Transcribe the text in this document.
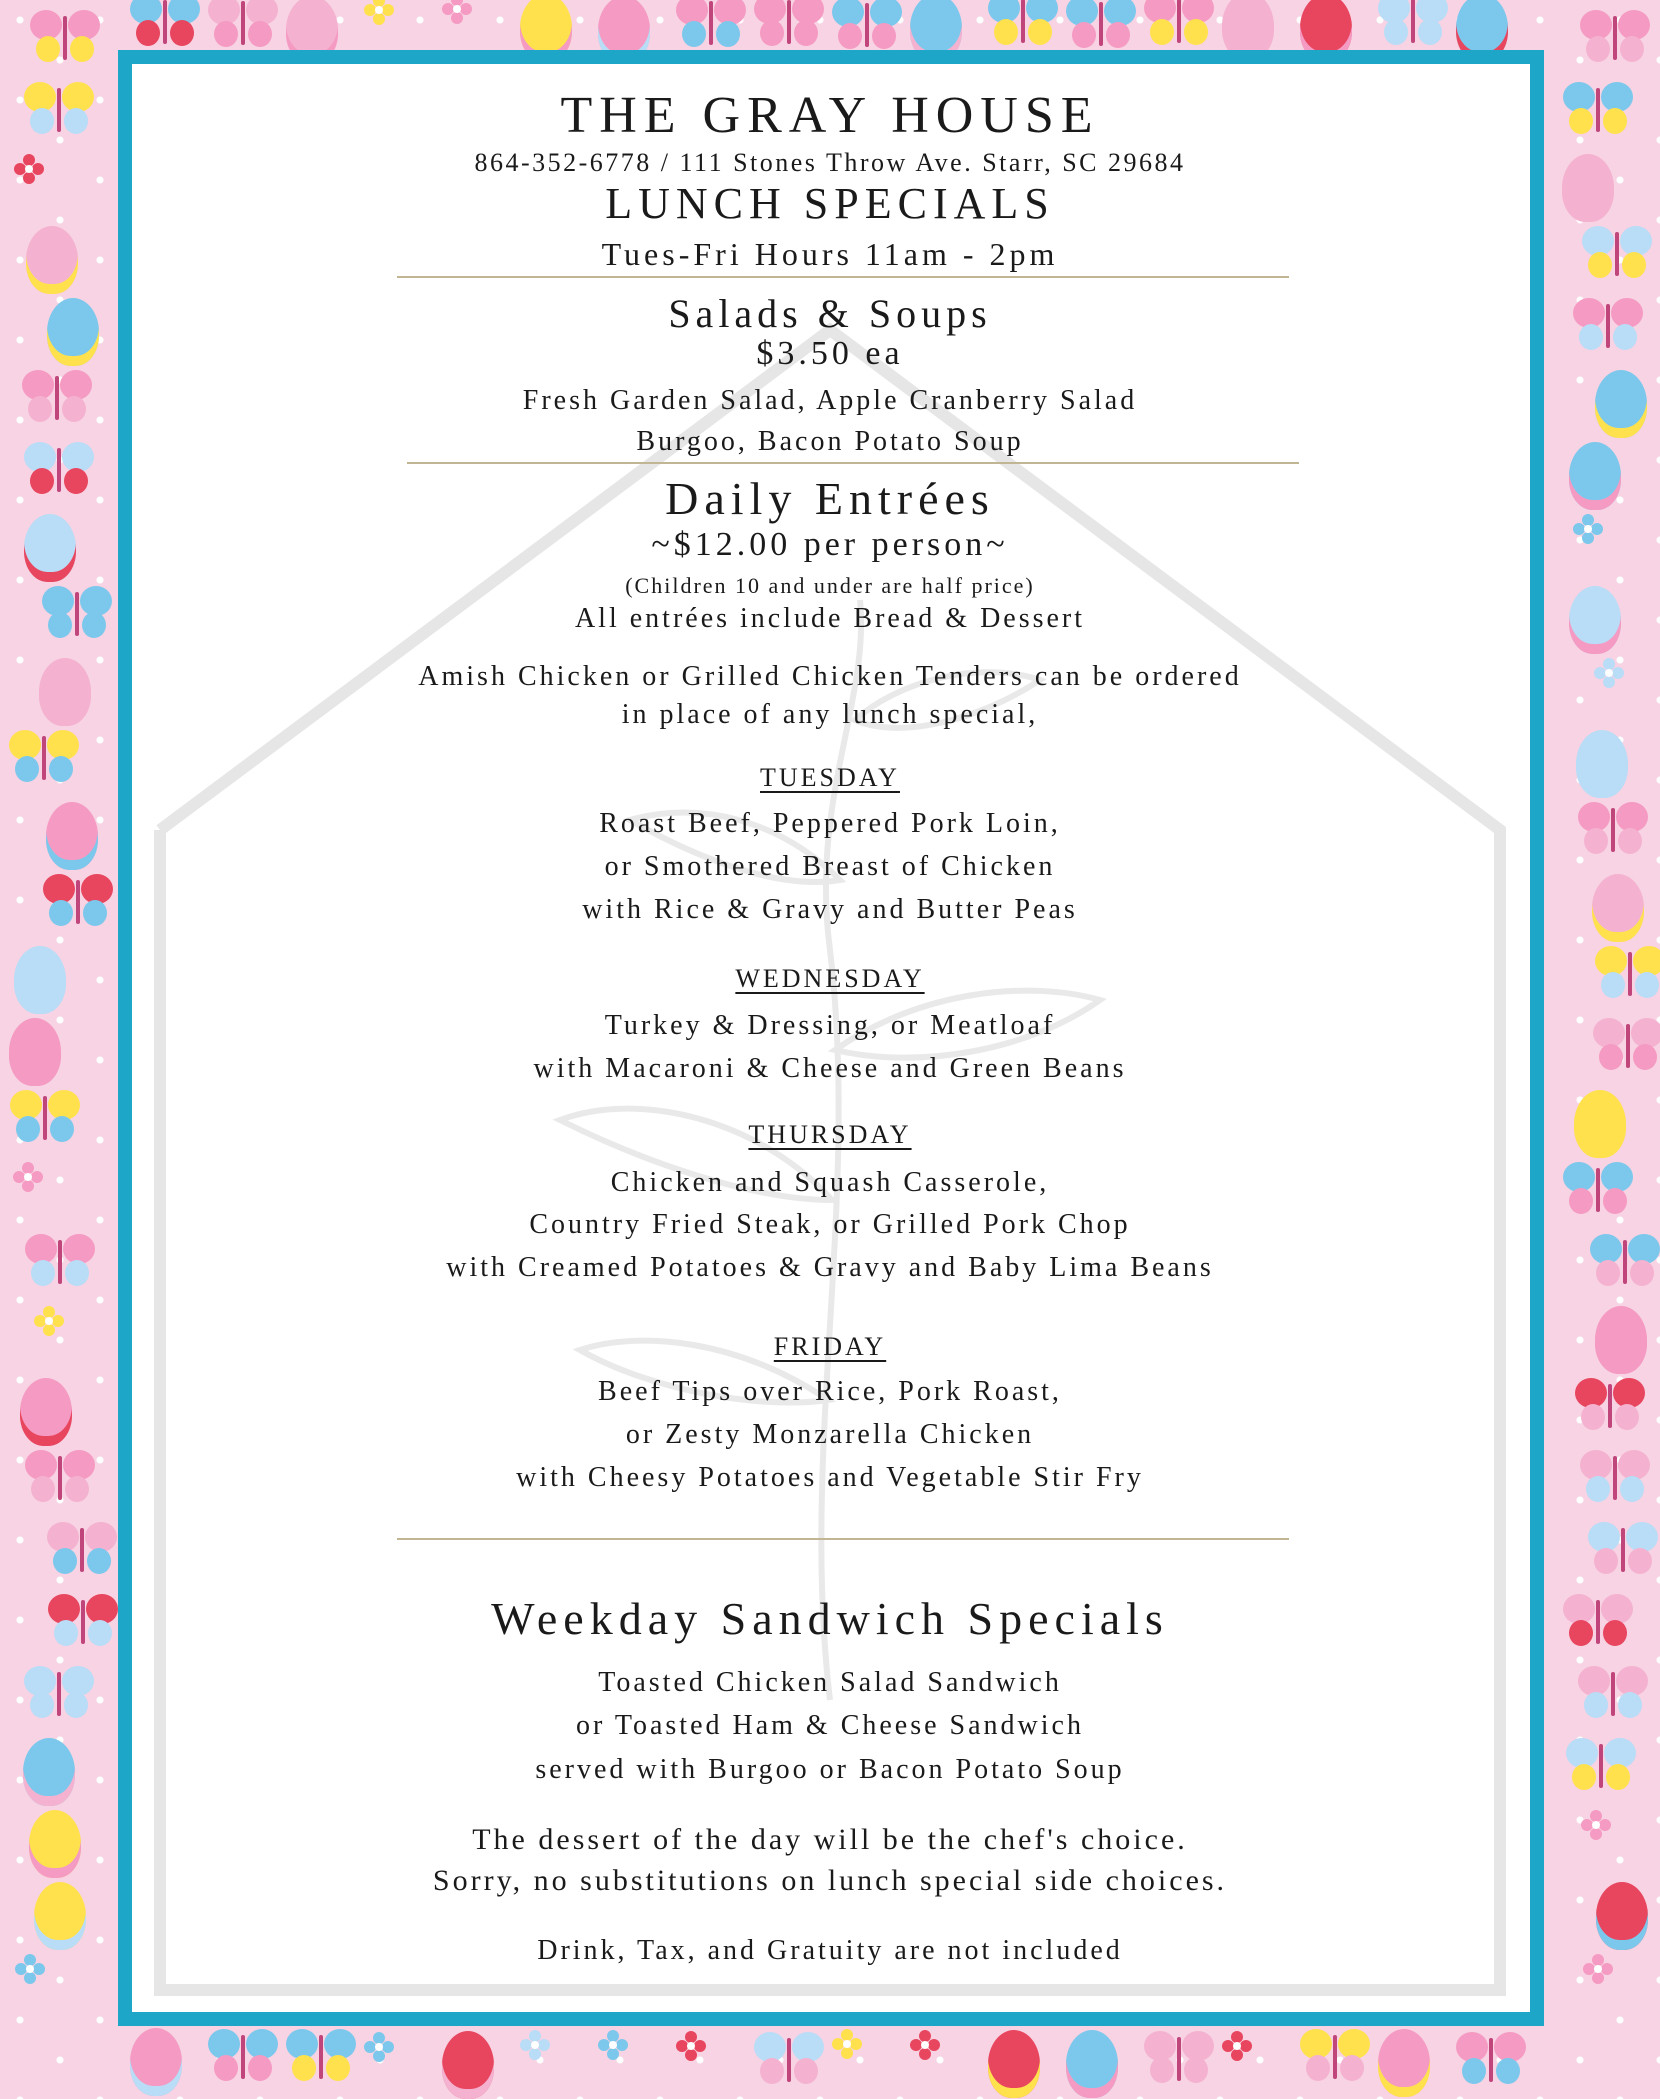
THE GRAY HOUSE
864-352-6778 / 111 Stones Throw Ave. Starr, SC 29684
LUNCH SPECIALS
Tues-Fri Hours 11am - 2pm
Salads & Soups
$3.50 ea
Fresh Garden Salad, Apple Cranberry Salad
Burgoo, Bacon Potato Soup
Daily Entrées
~$12.00 per person~
(Children 10 and under are half price)
All entrées include Bread & Dessert
Amish Chicken or Grilled Chicken Tenders can be ordered
in place of any lunch special,
TUESDAY
Roast Beef, Peppered Pork Loin,
or Smothered Breast of Chicken
with Rice & Gravy and Butter Peas
WEDNESDAY
Turkey & Dressing, or Meatloaf
with Macaroni & Cheese and Green Beans
THURSDAY
Chicken and Squash Casserole,
Country Fried Steak, or Grilled Pork Chop
with Creamed Potatoes & Gravy and Baby Lima Beans
FRIDAY
Beef Tips over Rice, Pork Roast,
or Zesty Monzarella Chicken
with Cheesy Potatoes and Vegetable Stir Fry
Weekday Sandwich Specials
Toasted Chicken Salad Sandwich
or Toasted Ham & Cheese Sandwich
served with Burgoo or Bacon Potato Soup
The dessert of the day will be the chef's choice.
Sorry, no substitutions on lunch special side choices.
Drink, Tax, and Gratuity are not included
